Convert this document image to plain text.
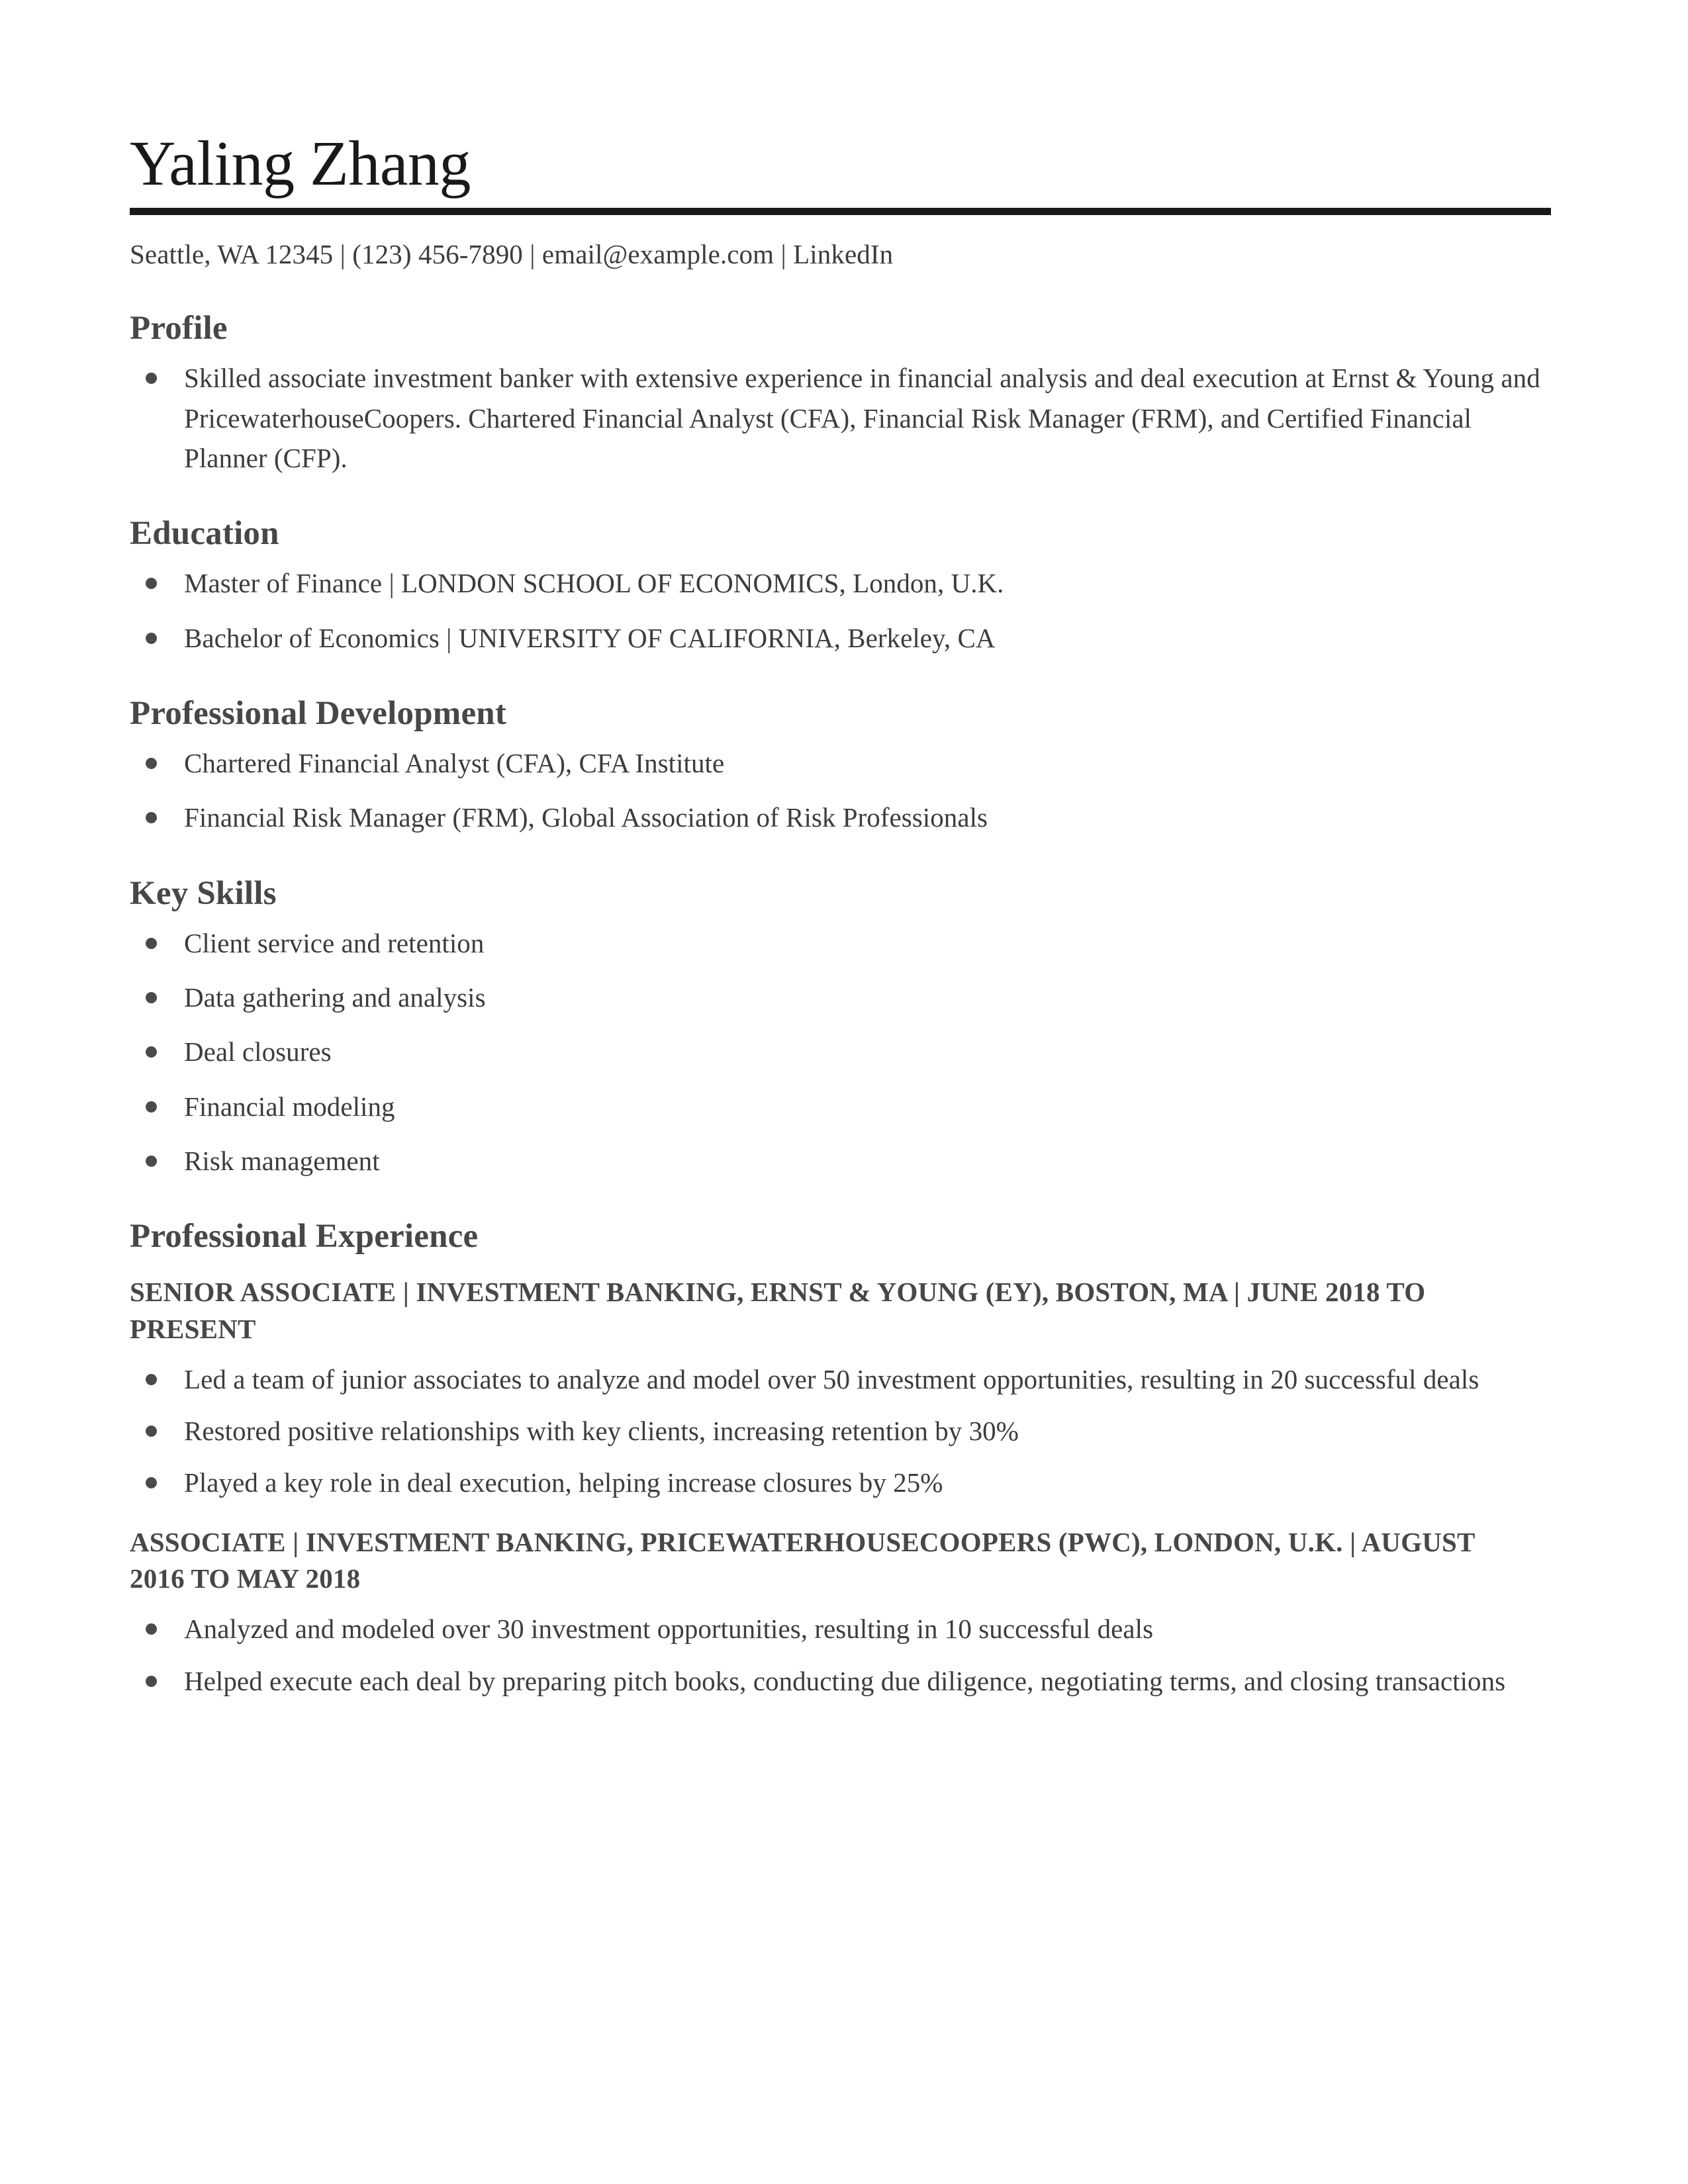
Yaling Zhang
Seattle, WA 12345 | (123) 456-7890 | email@example.com | LinkedIn
Profile
Skilled associate investment banker with extensive experience in financial analysis and deal execution at Ernst & Young and PricewaterhouseCoopers. Chartered Financial Analyst (CFA), Financial Risk Manager (FRM), and Certified Financial Planner (CFP).
Education
Master of Finance | LONDON SCHOOL OF ECONOMICS, London, U.K.
Bachelor of Economics | UNIVERSITY OF CALIFORNIA, Berkeley, CA
Professional Development
Chartered Financial Analyst (CFA), CFA Institute
Financial Risk Manager (FRM), Global Association of Risk Professionals
Key Skills
Client service and retention
Data gathering and analysis
Deal closures
Financial modeling
Risk management
Professional Experience
SENIOR ASSOCIATE | INVESTMENT BANKING, ERNST & YOUNG (EY), BOSTON, MA | JUNE 2018 TO PRESENT
Led a team of junior associates to analyze and model over 50 investment opportunities, resulting in 20 successful deals
Restored positive relationships with key clients, increasing retention by 30%
Played a key role in deal execution, helping increase closures by 25%
ASSOCIATE | INVESTMENT BANKING, PRICEWATERHOUSECOOPERS (PWC), LONDON, U.K. | AUGUST 2016 TO MAY 2018
Analyzed and modeled over 30 investment opportunities, resulting in 10 successful deals
Helped execute each deal by preparing pitch books, conducting due diligence, negotiating terms, and closing transactions
